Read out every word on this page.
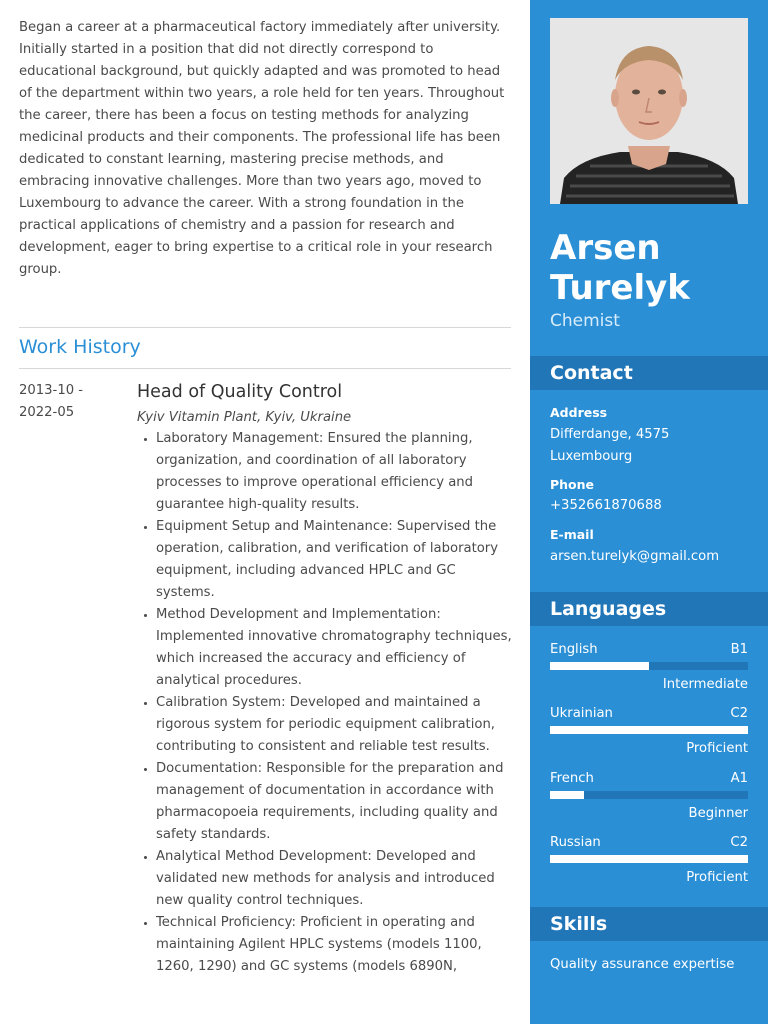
Began a career at a pharmaceutical factory immediately after university. Initially started in a position that did not directly correspond to educational background, but quickly adapted and was promoted to head of the department within two years, a role held for ten years. Throughout the career, there has been a focus on testing methods for analyzing medicinal products and their components. The professional life has been dedicated to constant learning, mastering precise methods, and embracing innovative challenges. More than two years ago, moved to Luxembourg to advance the career. With a strong foundation in the practical applications of chemistry and a passion for research and development, eager to bring expertise to a critical role in your research group.

Work History
2013-10 - 2022-05
Head of Quality Control

Kyiv Vitamin Plant, Kyiv, Ukraine

• Laboratory Management: Ensured the planning, organization, and coordination of all laboratory processes to improve operational efficiency and guarantee high-quality results.
• Equipment Setup and Maintenance: Supervised the operation, calibration, and verification of laboratory equipment, including advanced HPLC and GC systems.
• Method Development and Implementation: Implemented innovative chromatography techniques, which increased the accuracy and efficiency of analytical procedures.
• Calibration System: Developed and maintained a rigorous system for periodic equipment calibration, contributing to consistent and reliable test results.
• Documentation: Responsible for the preparation and management of documentation in accordance with pharmacopoeia requirements, including quality and safety standards.
• Analytical Method Development: Developed and validated new methods for analysis and introduced new quality control techniques.
• Technical Proficiency: Proficient in operating and maintaining Agilent HPLC systems (models 1100, 1260, 1290) and GC systems (models 6890N,
Arsen
Turelyk

Chemist

Contact
Address
Differdange, 4575 Luxembourg
Phone
+352661870688
E-mail
arsen.turelyk@gmail.com
Languages
English	B1
Intermediate
Ukrainian	C2
Proficient
French	A1
Beginner
Russian	C2
Proficient
Skills
Quality assurance expertise
